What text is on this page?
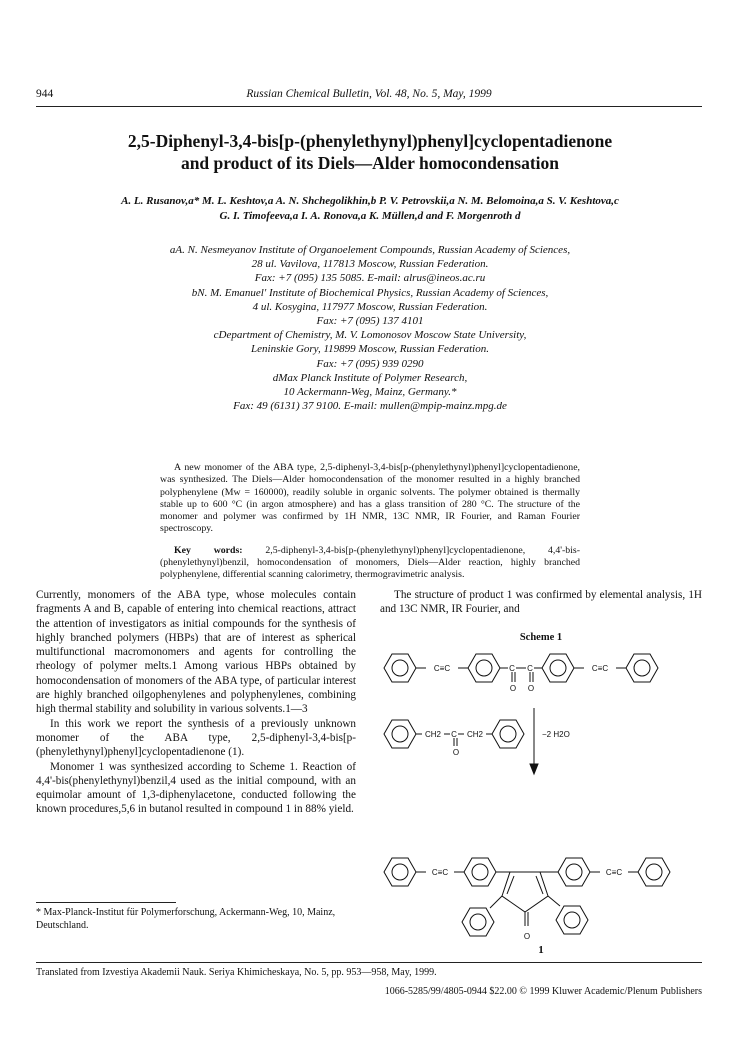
944	Russian Chemical Bulletin, Vol. 48, No. 5, May, 1999
2,5-Diphenyl-3,4-bis[p-(phenylethynyl)phenyl]cyclopentadienone
and product of its Diels—Alder homocondensation
A. L. Rusanov,a* M. L. Keshtov,a A. N. Shchegolikhin,b P. V. Petrovskii,a N. M. Belomoina,a S. V. Keshtova,c
G. I. Timofeeva,a I. A. Ronova,a K. Müllen,d and F. Morgenroth d
aA. N. Nesmeyanov Institute of Organoelement Compounds, Russian Academy of Sciences,
28 ul. Vavilova, 117813 Moscow, Russian Federation.
Fax: +7 (095) 135 5085. E-mail: alrus@ineos.ac.ru
bN. M. Emanuel' Institute of Biochemical Physics, Russian Academy of Sciences,
4 ul. Kosygina, 117977 Moscow, Russian Federation.
Fax: +7 (095) 137 4101
cDepartment of Chemistry, M. V. Lomonosov Moscow State University,
Leninskie Gory, 119899 Moscow, Russian Federation.
Fax: +7 (095) 939 0290
dMax Planck Institute of Polymer Research,
10 Ackermann-Weg, Mainz, Germany.*
Fax: 49 (6131) 37 9100. E-mail: mullen@mpip-mainz.mpg.de

A new monomer of the ABA type, 2,5-diphenyl-3,4-bis[p-(phenylethynyl)phenyl]cyclopentadienone, was synthesized. The Diels—Alder homocondensation of the monomer resulted in a highly branched polyphenylene (Mw = 160000), readily soluble in organic solvents. The polymer obtained is thermally stable up to 600 °C (in argon atmosphere) and has a glass transition of 280 °C. The structure of the monomer and polymer was confirmed by 1H NMR, 13C NMR, IR Fourier, and Raman Fourier spectroscopy.

Key words: 2,5-diphenyl-3,4-bis[p-(phenylethynyl)phenyl]cyclopentadienone, 4,4'-bis-(phenylethynyl)benzil, homocondensation of monomers, Diels—Alder reaction, highly branched polyphenylene, differential scanning calorimetry, thermogravimetric analysis.

Currently, monomers of the ABA type, whose molecules contain fragments A and B, capable of entering into chemical reactions, attract the attention of investigators as initial compounds for the synthesis of highly branched polymers (HBPs) that are of interest as spherical multifunctional macromonomers and agents for controlling the rheology of polymer melts.1 Among various HBPs obtained by homocondensation of monomers of the ABA type, of particular interest are highly branched oilgophenylenes and polyphenylenes, combining high thermal stability and solubility in various solvents.1—3

In this work we report the synthesis of a previously unknown monomer of the ABA type, 2,5-diphenyl-3,4-bis[p-(phenylethynyl)phenyl]cyclopentadienone (1).

Monomer 1 was synthesized according to Scheme 1. Reaction of 4,4'-bis(phenylethynyl)benzil,4 used as the initial compound, with an equimolar amount of 1,3-diphenylacetone, conducted following the known procedures,5,6 in butanol resulted in compound 1 in 88% yield.

The structure of product 1 was confirmed by elemental analysis, 1H and 13C NMR, IR Fourier, and

Scheme 1
C≡C	C C
O O
C≡C
CH2 C CH2
O
−2 H2O
C≡C	C≡C
O
1
* Max-Planck-Institut für Polymerforschung, Ackermann-Weg, 10, Mainz, Deutschland.
Translated from Izvestiya Akademii Nauk. Seriya Khimicheskaya, No. 5, pp. 953—958, May, 1999.
1066-5285/99/4805-0944 $22.00 © 1999 Kluwer Academic/Plenum Publishers
